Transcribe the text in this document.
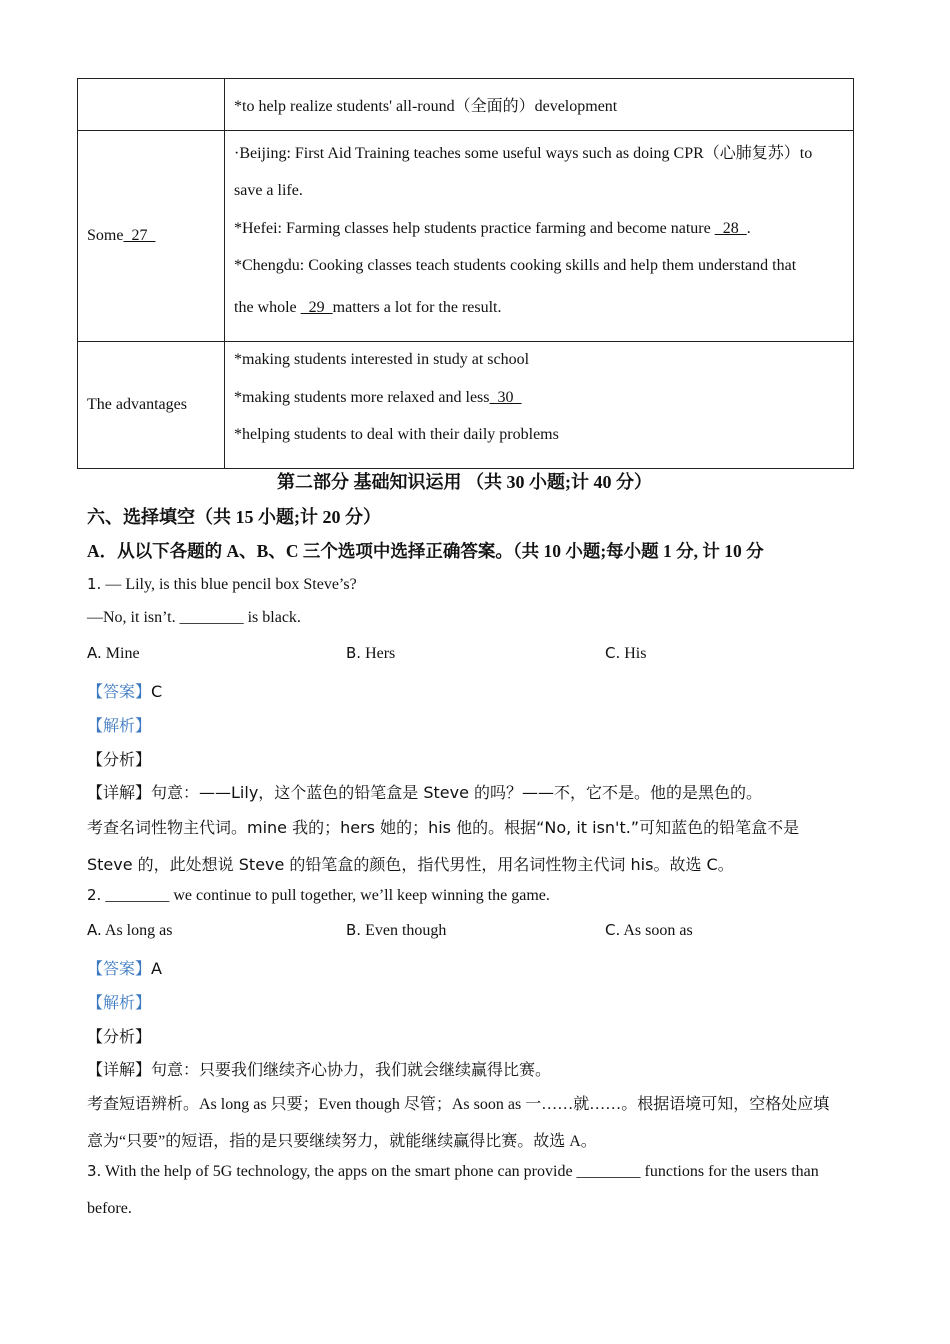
	*to help realize students' all-round（全面的）development
Some  27	·Beijing: First Aid Training teaches some useful ways such as doing CPR（心肺复苏）to
save a life.
*Hefei: Farming classes help students practice farming and become nature   28  .
*Chengdu: Cooking classes teach students cooking skills and help them understand that
the whole   29  matters a lot for the result.

The advantages	*making students interested in study at school
*making students more relaxed and less  30
*helping students to deal with their daily problems
第二部分 基础知识运用 （共 30 小题;计 40 分）
六、选择填空（共 15 小题;计 20 分）
A．从以下各题的 A、B、C 三个选项中选择正确答案。（共 10 小题;每小题 1 分, 计 10 分
1. — Lily, is this blue pencil box Steve’s?
—No, it isn’t. ________ is black.
A. Mine	B. Hers	C. His
【答案】C
【解析】
【分析】
【详解】句意：——Lily，这个蓝色的铅笔盒是 Steve 的吗？——不，它不是。他的是黑色的。
考查名词性物主代词。mine 我的；hers 她的；his 他的。根据“No, it isn't.”可知蓝色的铅笔盒不是
Steve 的，此处想说 Steve 的铅笔盒的颜色，指代男性，用名词性物主代词 his。故选 C。
2. ________ we continue to pull together, we’ll keep winning the game.
A. As long as	B. Even though	C. As soon as
【答案】A
【解析】
【分析】
【详解】句意：只要我们继续齐心协力，我们就会继续赢得比赛。
考查短语辨析。As long as 只要；Even though 尽管；As soon as 一……就……。根据语境可知，空格处应填
意为“只要”的短语，指的是只要继续努力，就能继续赢得比赛。故选 A。
3. With the help of 5G technology, the apps on the smart phone can provide ________ functions for the users than
before.
